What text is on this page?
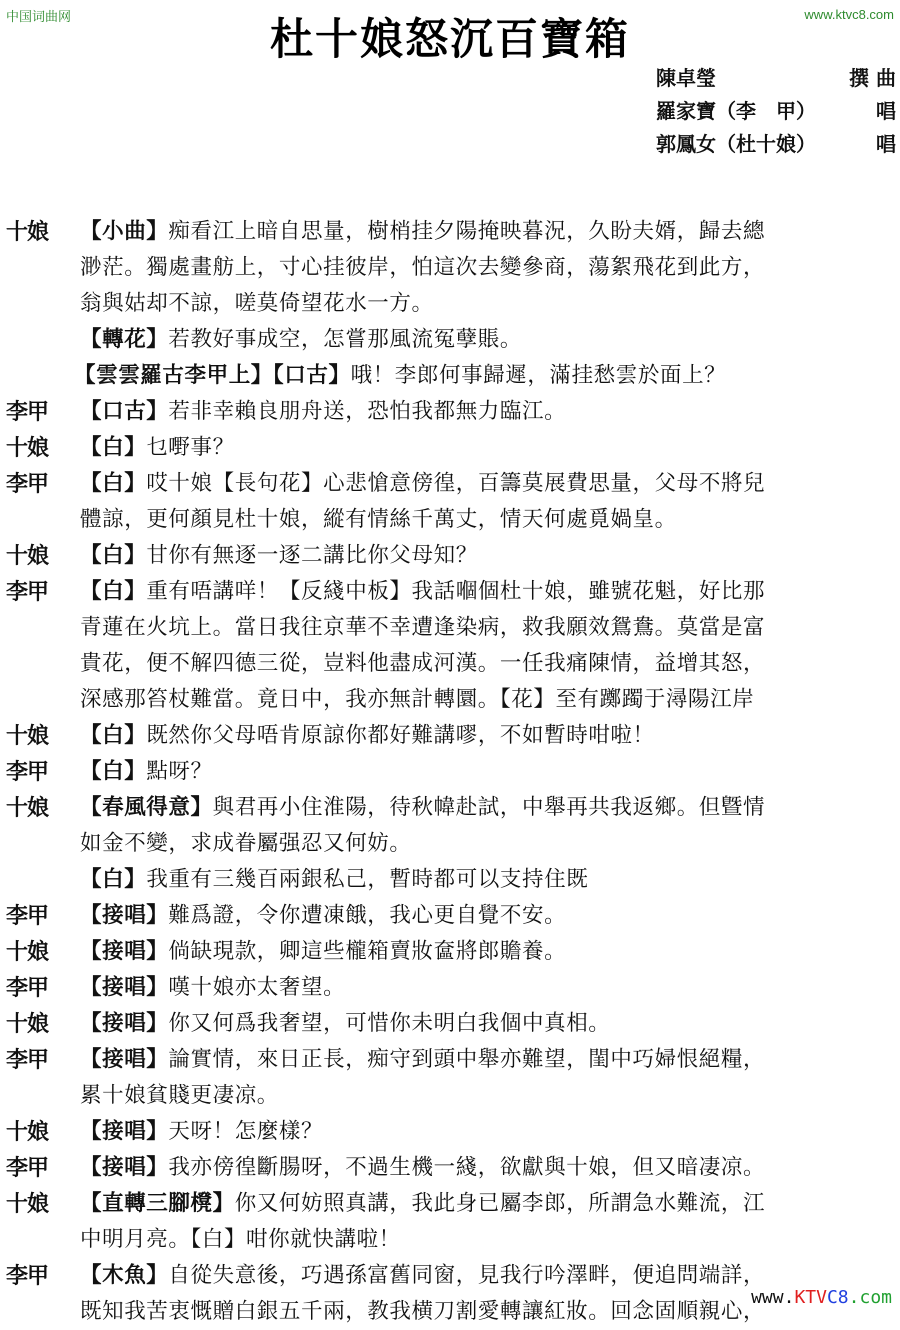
中国词曲网	www.ktvc8.com
杜十娘怒沉百寶箱
陳卓瑩	撰 曲
羅家寶（李　甲）	唱
郭鳳女（杜十娘）	唱
十娘	【小曲】痴看江上暗自思量，樹梢挂夕陽掩映暮況，久盼夫婿，歸去總
渺茫。獨處畫舫上，寸心挂彼岸，怕這次去變參商，蕩絮飛花到此方，
翁與姑却不諒，嗟莫倚望花水一方。
【轉花】若教好事成空，怎嘗那風流冤孽賬。
【雲雲羅古李甲上】【口古】哦！李郎何事歸遲，滿挂愁雲於面上？
李甲	【口古】若非幸賴良朋舟送，恐怕我都無力臨江。
十娘	【白】乜嘢事？
李甲	【白】哎十娘【長句花】心悲愴意傍徨，百籌莫展費思量，父母不將兒
體諒，更何顏見杜十娘，縱有情絲千萬丈，情天何處覓媧皇。
十娘	【白】甘你有無逐一逐二講比你父母知？
李甲	【白】重有唔講咩！【反綫中板】我話嗰個杜十娘，雖號花魁，好比那
青蓮在火坑上。當日我往京華不幸遭逢染病，救我願效鴛鴦。莫當是富
貴花，便不解四德三從，豈料他盡成河漢。一任我痛陳情，益增其怒，
深感那笞杖難當。竟日中，我亦無計轉圜。【花】至有躑躅于潯陽江岸
十娘	【白】既然你父母唔肯原諒你都好難講嘐，不如暫時咁啦！
李甲	【白】點呀？
十娘	【春風得意】與君再小住淮陽，待秋幃赴試，中舉再共我返鄉。但曁情
如金不變，求成眷屬强忍又何妨。
【白】我重有三幾百兩銀私己，暫時都可以支持住既
李甲	【接唱】難爲證，令你遭凍餓，我心更自覺不安。
十娘	【接唱】倘缺現款，卿這些櫳箱賣妝奩將郎贍養。
李甲	【接唱】嘆十娘亦太奢望。
十娘	【接唱】你又何爲我奢望，可惜你未明白我個中真相。
李甲	【接唱】論實情，來日正長，痴守到頭中舉亦難望，閨中巧婦恨絕糧，
累十娘貧賤更凄凉。
十娘	【接唱】天呀！怎麼樣？
李甲	【接唱】我亦傍徨斷腸呀，不過生機一綫，欲獻與十娘，但又暗凄凉。
十娘	【直轉三腳櫈】你又何妨照真講，我此身已屬李郎，所謂急水難流，江
中明月亮。【白】咁你就快講啦！
李甲	【木魚】自從失意後，巧遇孫富舊同窗，見我行吟澤畔，便追問端詳，
既知我苦衷慨贈白銀五千兩，教我横刀割愛轉讓紅妝。回念固順親心，
www.KTVC8.com
